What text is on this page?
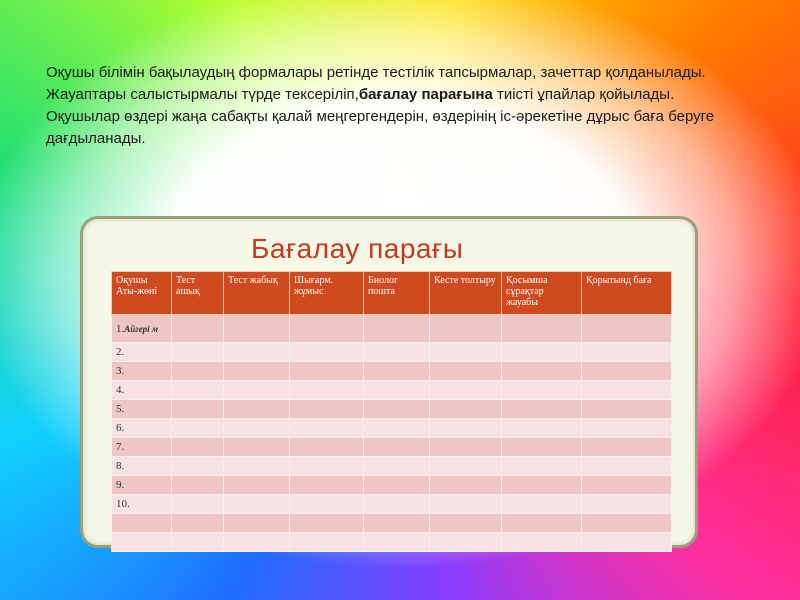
Оқушы білімін бақылаудың формалары ретінде тестілік тапсырмалар, зачеттар қолданылады.

Жауаптары салыстырмалы түрде тексеріліп,бағалау парағына тиісті ұпайлар қойылады. Оқушылар өздері жаңа сабақты қалай меңгергендерін, өздерінің іс-әрекетіне дұрыс баға беруге дағдыланады.

Бағалау парағы
Оқушы Аты-жөні	Тест ашық	Тест жабық	Шығарм. жұмыс	Биолог пошта	Кесте толтыру	Қосымша сұрақтар жауабы	Қорытынд баға
1.Айгері м							
2.							
3.							
4.							
5.							
6.							
7.							
8.							
9.							
10.							
